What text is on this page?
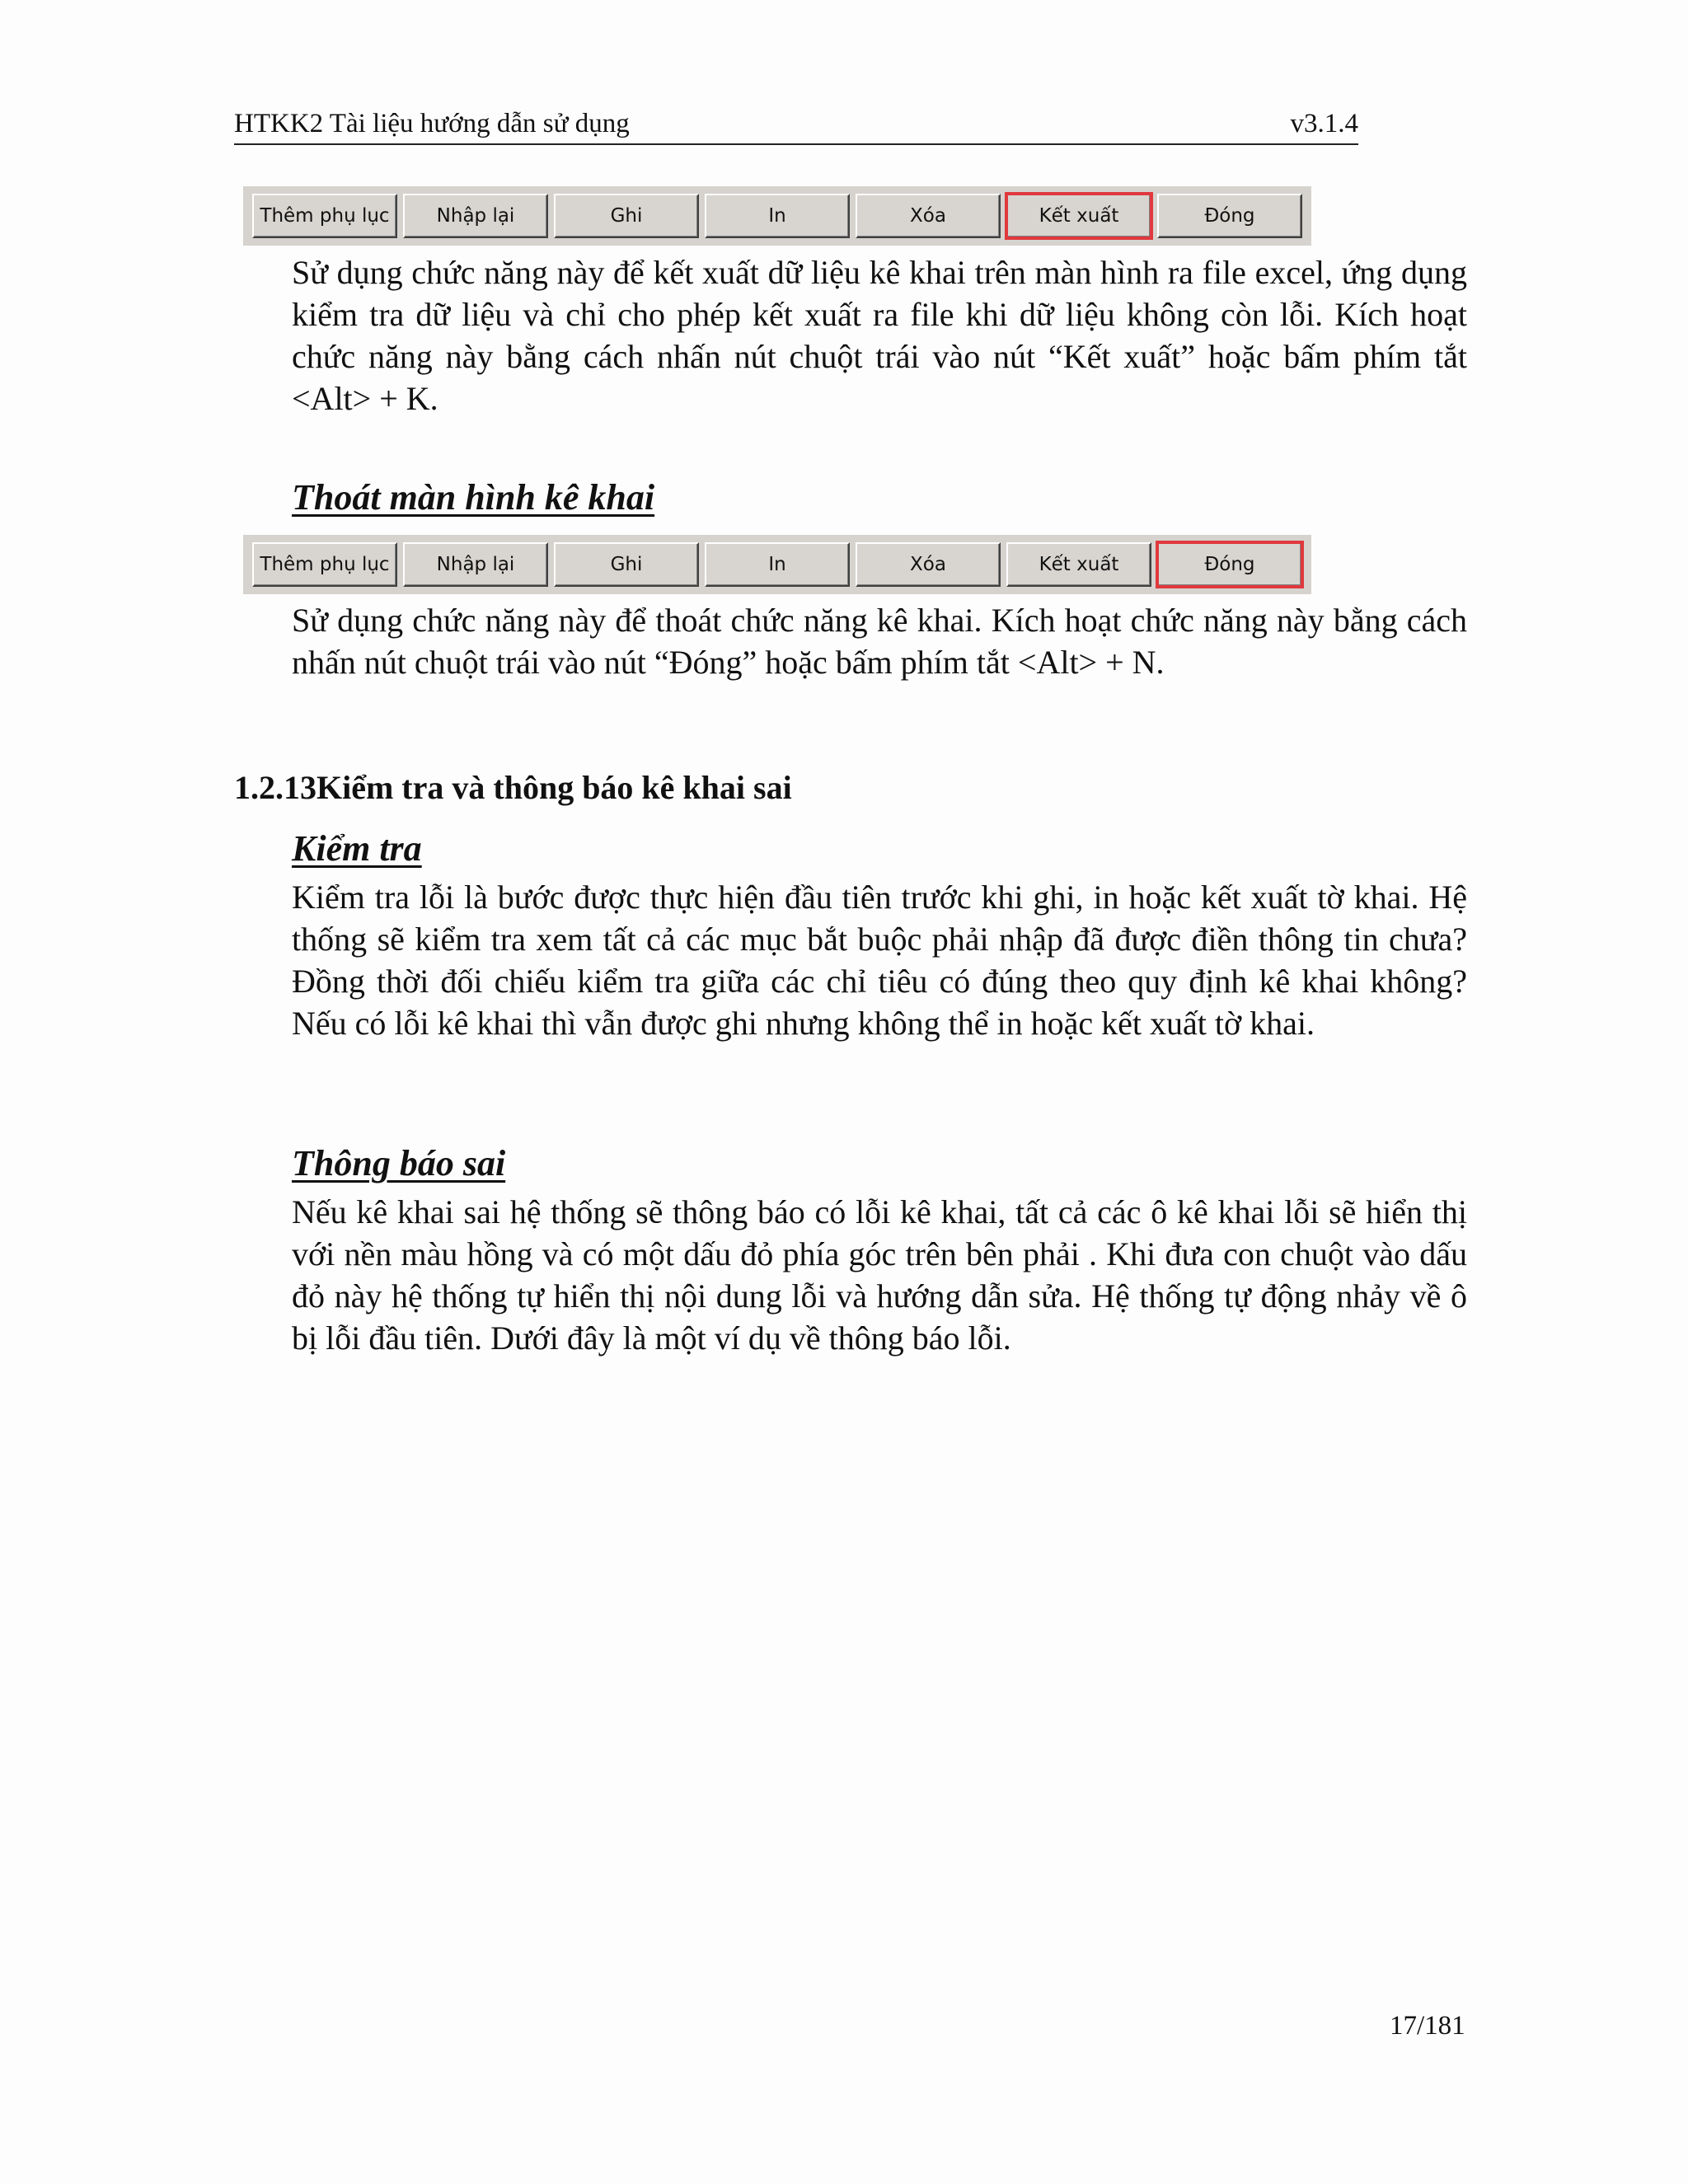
HTKK2 Tài liệu hướng dẫn sử dụng	v3.1.4
Thêm phụ lục	Nhập lại	Ghi	In	Xóa	Kết xuất	Đóng
Sử dụng chức năng này để kết xuất dữ liệu kê khai trên màn hình ra file excel, ứng dụng kiểm tra dữ liệu và chỉ cho phép kết xuất ra file khi dữ liệu không còn lỗi. Kích hoạt chức năng này bằng cách nhấn nút chuột trái vào nút “Kết xuất” hoặc bấm phím tắt <Alt> + K.
Thoát màn hình kê khai
Thêm phụ lục	Nhập lại	Ghi	In	Xóa	Kết xuất	Đóng
Sử dụng chức năng này để thoát chức năng kê khai. Kích hoạt chức năng này bằng cách nhấn nút chuột trái vào nút “Đóng” hoặc bấm phím tắt <Alt> + N.
1.2.13Kiểm tra và thông báo kê khai sai
Kiểm tra
Kiểm tra lỗi là bước được thực hiện đầu tiên trước khi ghi, in hoặc kết xuất tờ khai. Hệ thống sẽ kiểm tra xem tất cả các mục bắt buộc phải nhập đã được điền thông tin chưa? Đồng thời đối chiếu kiểm tra giữa các chỉ tiêu có đúng theo quy định kê khai không? Nếu có lỗi kê khai thì vẫn được ghi nhưng không thể in hoặc kết xuất tờ khai.
Thông báo sai
Nếu kê khai sai hệ thống sẽ thông báo có lỗi kê khai, tất cả các ô kê khai lỗi sẽ hiển thị với nền màu hồng và có một dấu đỏ phía góc trên bên phải . Khi đưa con chuột vào dấu đỏ này hệ thống tự hiển thị nội dung lỗi và hướng dẫn sửa. Hệ thống tự động nhảy về ô bị lỗi đầu tiên. Dưới đây là một ví dụ về thông báo lỗi.
17/181
